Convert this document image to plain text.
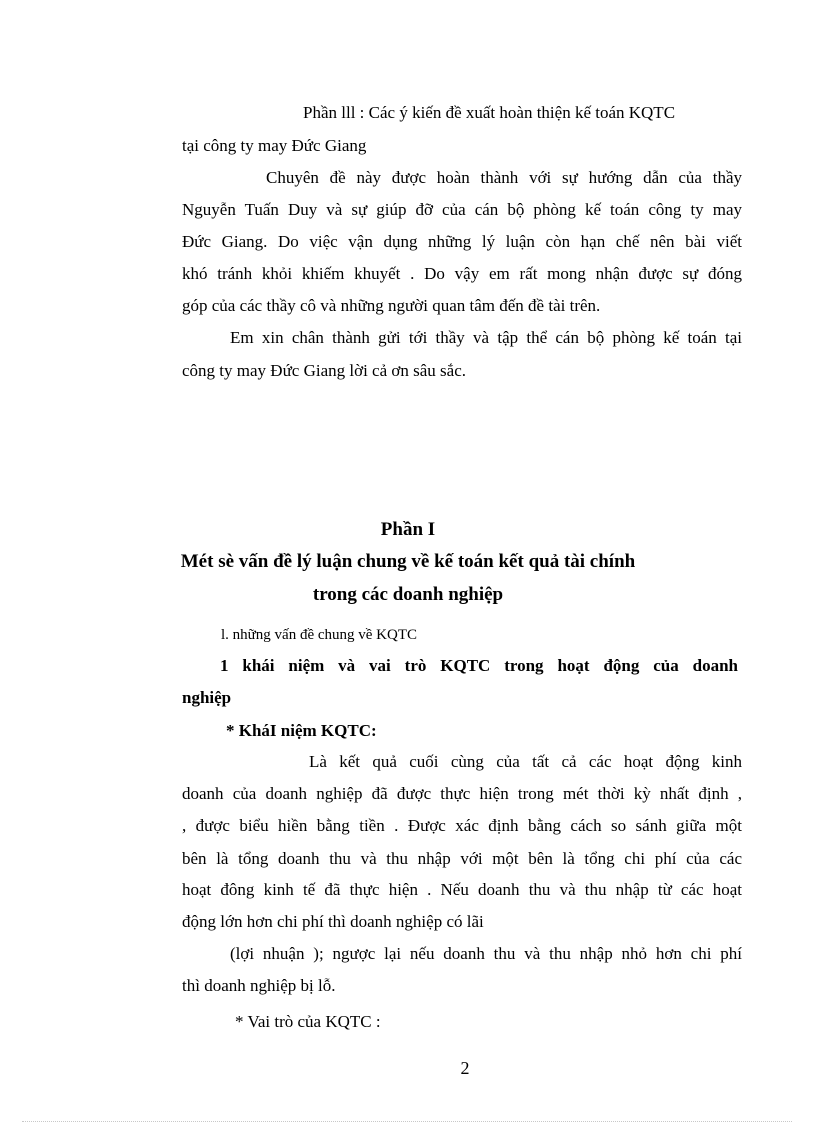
Phần lll : Các ý kiến đề xuất hoàn thiện kế toán KQTC

tại công ty may Đức Giang

Chuyên đề này được hoàn thành với sự hướng dẫn của thầy

Nguyễn Tuấn Duy và sự giúp đỡ của cán bộ phòng kế toán công ty may

Đức Giang. Do việc vận dụng những lý luận còn hạn chế nên bài viết

khó tránh khỏi khiếm khuyết . Do vậy em rất mong nhận được sự đóng

góp của các thầy cô và những người quan tâm đến đề tài trên.

Em xin chân thành gửi tới thầy và tập thể cán bộ phòng kế toán tại

công ty may Đức Giang lời cả ơn sâu sắc.

Phần I

Mét sè vấn đề lý luận chung về kế toán kết quả tài chính

trong các doanh nghiệp

l. những vấn đề chung về KQTC

1 khái niệm và vai trò KQTC trong hoạt động của doanh

nghiệp

* KháI niệm KQTC:

Là kết quả cuối cùng của tất cả các hoạt động kinh

doanh của doanh nghiệp đã được thực hiện trong mét thời kỳ nhất định ,

, được biểu hiền bằng tiền . Được xác định bằng cách so sánh giữa một

bên là tổng doanh thu và thu nhập với một bên là tổng chi phí của các

hoạt đông kinh tế đã thực hiện . Nếu doanh thu và thu nhập từ các hoạt

động lớn hơn chi phí thì doanh nghiệp có lãi

(lợi nhuận ); ngược lại nếu doanh thu và thu nhập nhỏ hơn chi phí

thì doanh nghiệp bị lỗ.

* Vai trò của KQTC :

2
